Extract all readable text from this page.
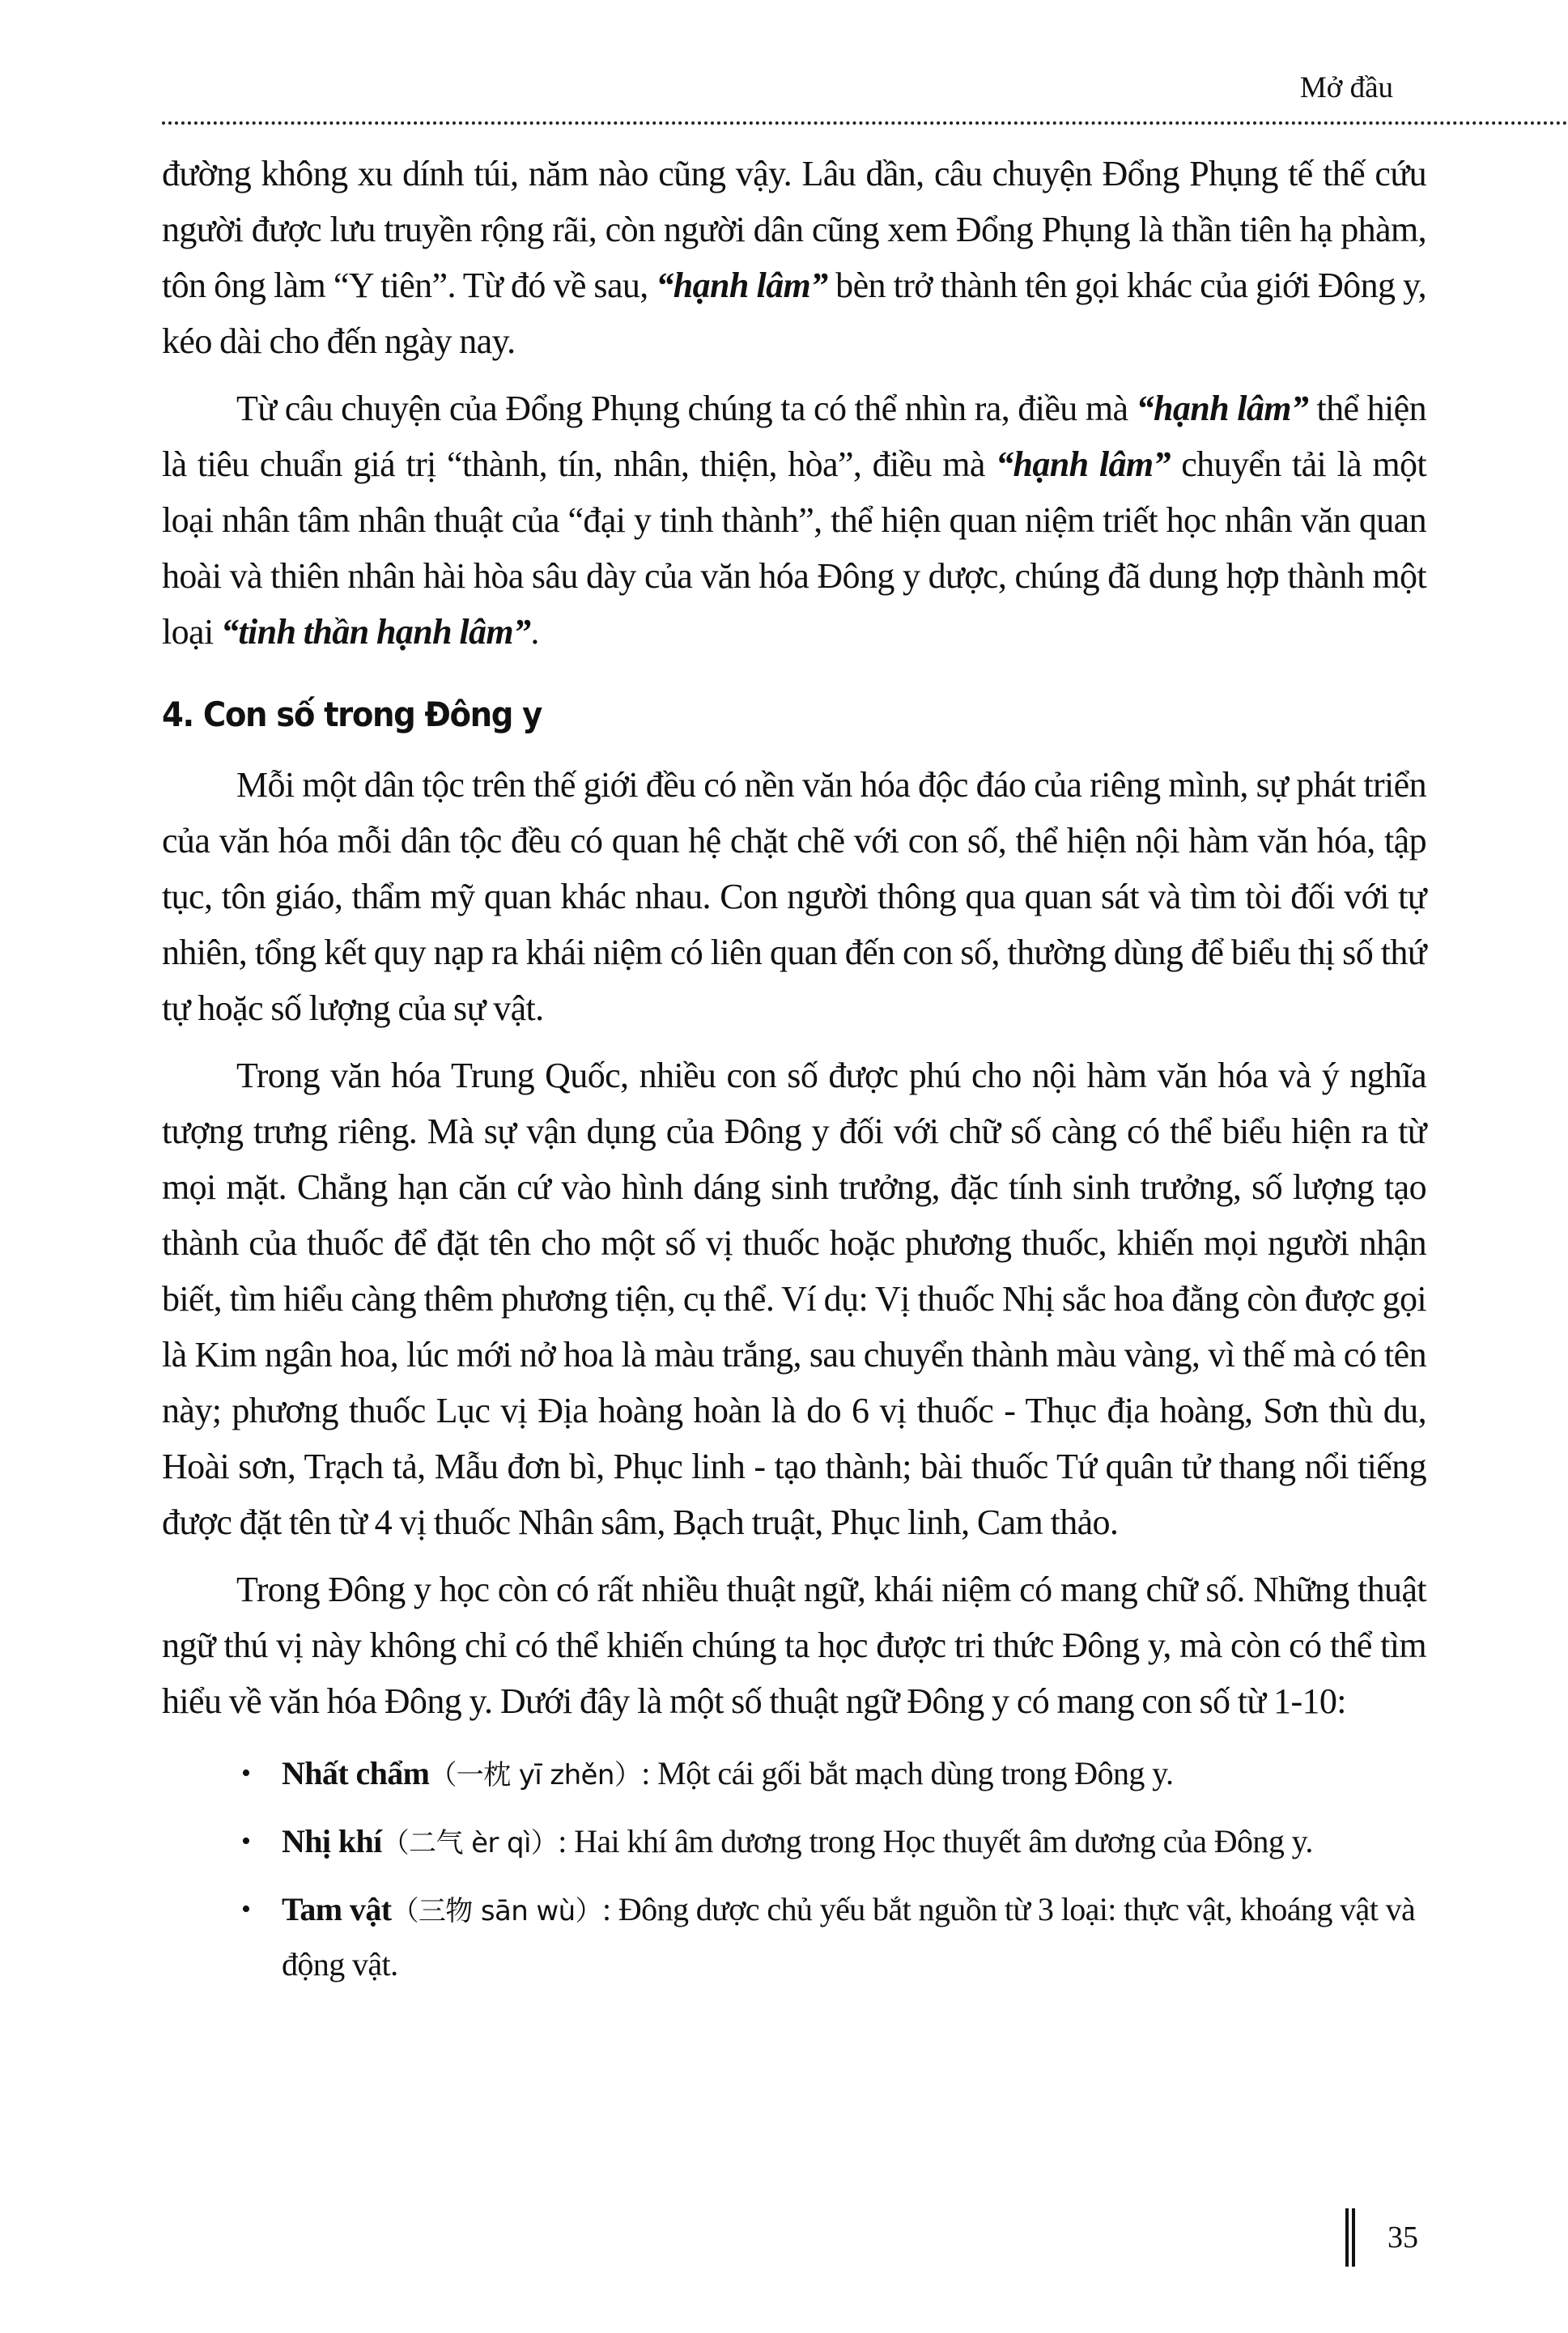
Mở đầu

đường không xu dính túi, năm nào cũng vậy. Lâu dần, câu chuyện Đổng Phụng tế thế cứu người được lưu truyền rộng rãi, còn người dân cũng xem Đổng Phụng là thần tiên hạ phàm, tôn ông làm “Y tiên”. Từ đó về sau, “hạnh lâm” bèn trở thành tên gọi khác của giới Đông y, kéo dài cho đến ngày nay.

Từ câu chuyện của Đổng Phụng chúng ta có thể nhìn ra, điều mà “hạnh lâm” thể hiện là tiêu chuẩn giá trị “thành, tín, nhân, thiện, hòa”, điều mà “hạnh lâm” chuyển tải là một loại nhân tâm nhân thuật của “đại y tinh thành”, thể hiện quan niệm triết học nhân văn quan hoài và thiên nhân hài hòa sâu dày của văn hóa Đông y dược, chúng đã dung hợp thành một loại “tinh thần hạnh lâm”.

4. Con số trong Đông y

Mỗi một dân tộc trên thế giới đều có nền văn hóa độc đáo của riêng mình, sự phát triển của văn hóa mỗi dân tộc đều có quan hệ chặt chẽ với con số, thể hiện nội hàm văn hóa, tập tục, tôn giáo, thẩm mỹ quan khác nhau. Con người thông qua quan sát và tìm tòi đối với tự nhiên, tổng kết quy nạp ra khái niệm có liên quan đến con số, thường dùng để biểu thị số thứ tự hoặc số lượng của sự vật.

Trong văn hóa Trung Quốc, nhiều con số được phú cho nội hàm văn hóa và ý nghĩa tượng trưng riêng. Mà sự vận dụng của Đông y đối với chữ số càng có thể biểu hiện ra từ mọi mặt. Chẳng hạn căn cứ vào hình dáng sinh trưởng, đặc tính sinh trưởng, số lượng tạo thành của thuốc để đặt tên cho một số vị thuốc hoặc phương thuốc, khiến mọi người nhận biết, tìm hiểu càng thêm phương tiện, cụ thể. Ví dụ: Vị thuốc Nhị sắc hoa đằng còn được gọi là Kim ngân hoa, lúc mới nở hoa là màu trắng, sau chuyển thành màu vàng, vì thế mà có tên này; phương thuốc Lục vị Địa hoàng hoàn là do 6 vị thuốc - Thục địa hoàng, Sơn thù du, Hoài sơn, Trạch tả, Mẫu đơn bì, Phục linh - tạo thành; bài thuốc Tứ quân tử thang nổi tiếng được đặt tên từ 4 vị thuốc Nhân sâm, Bạch truật, Phục linh, Cam thảo.

Trong Đông y học còn có rất nhiều thuật ngữ, khái niệm có mang chữ số. Những thuật ngữ thú vị này không chỉ có thể khiến chúng ta học được tri thức Đông y, mà còn có thể tìm hiểu về văn hóa Đông y. Dưới đây là một số thuật ngữ Đông y có mang con số từ 1-10:

• Nhất chẩm（一枕 yī zhěn）: Một cái gối bắt mạch dùng trong Đông y.
• Nhị khí（二气 èr qì）: Hai khí âm dương trong Học thuyết âm dương của Đông y.
• Tam vật（三物 sān wù）: Đông dược chủ yếu bắt nguồn từ 3 loại: thực vật, khoáng vật và động vật.
35
